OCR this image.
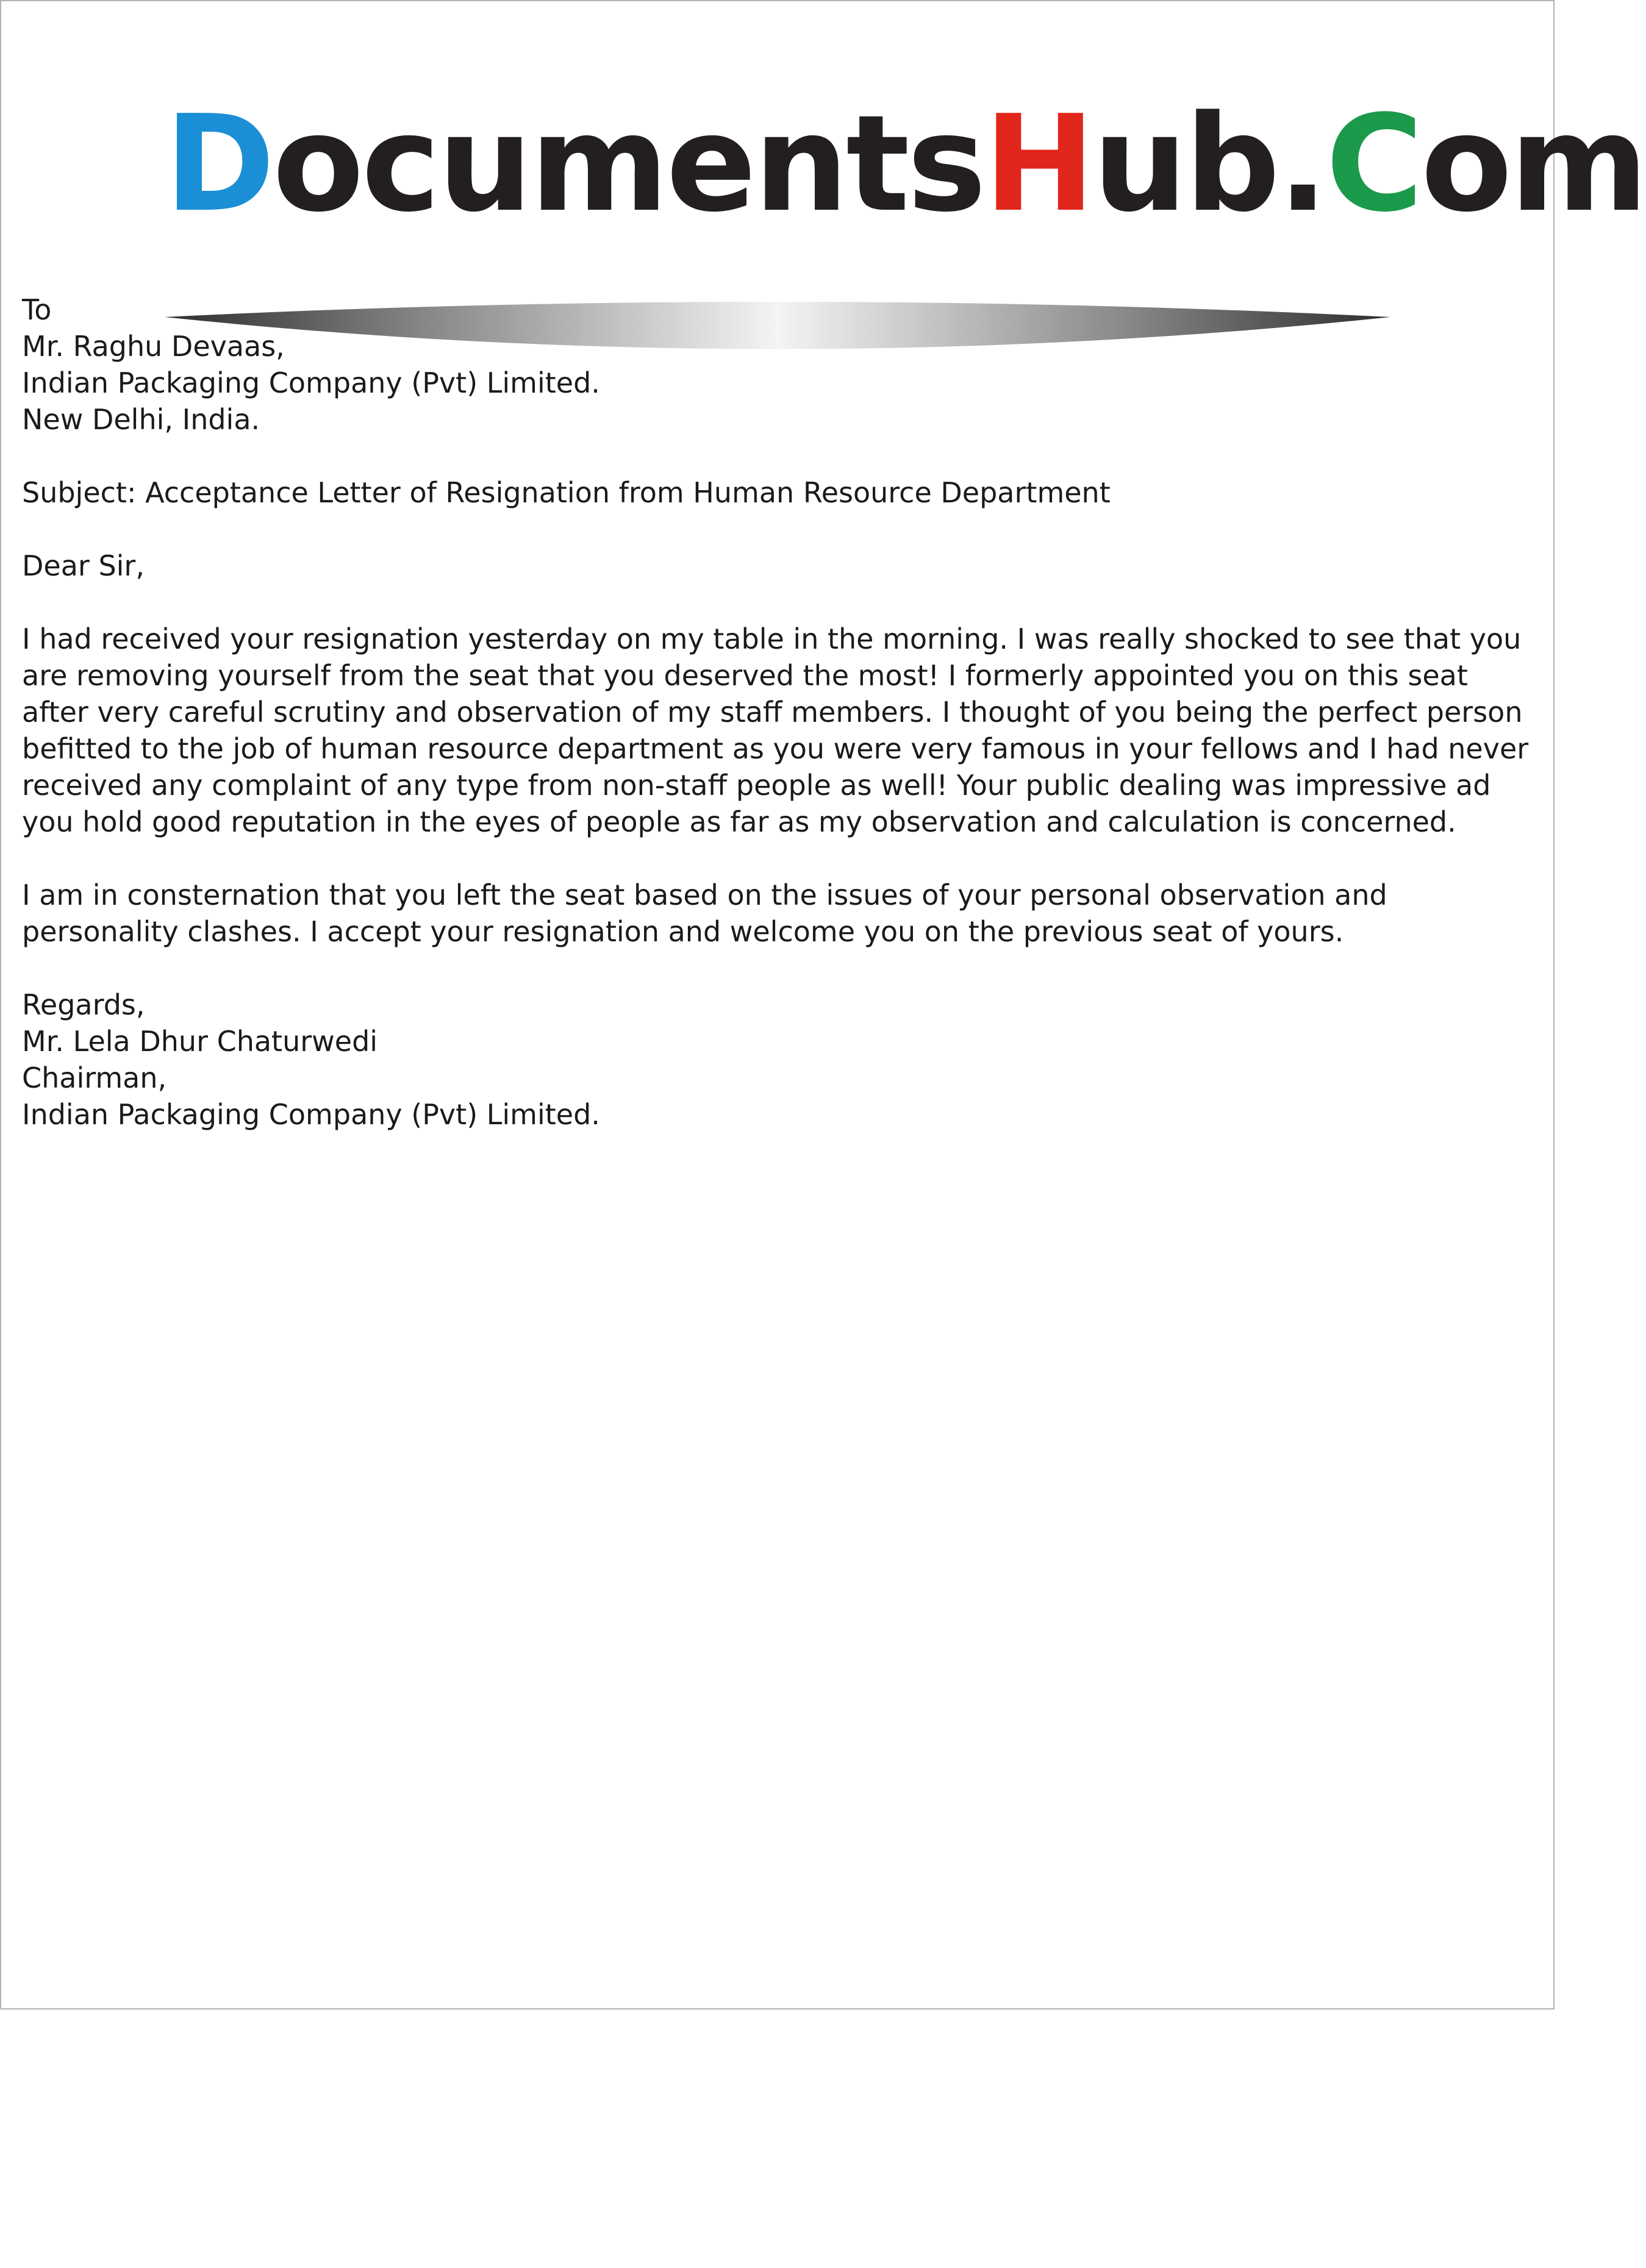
DocumentsHub.Com
To
Mr. Raghu Devaas,
Indian Packaging Company (Pvt) Limited.
New Delhi, India.
Subject: Acceptance Letter of Resignation from Human Resource Department
Dear Sir,

I had received your resignation yesterday on my table in the morning. I was really shocked to see that you are removing yourself from the seat that you deserved the most! I formerly appointed you on this seat after very careful scrutiny and observation of my staff members. I thought of you being the perfect person befitted to the job of human resource department as you were very famous in your fellows and I had never received any complaint of any type from non-staff people as well! Your public dealing was impressive ad you hold good reputation in the eyes of people as far as my observation and calculation is concerned.

I am in consternation that you left the seat based on the issues of your personal observation and personality clashes. I accept your resignation and welcome you on the previous seat of yours.

Regards,
Mr. Lela Dhur Chaturwedi
Chairman,
Indian Packaging Company (Pvt) Limited.
